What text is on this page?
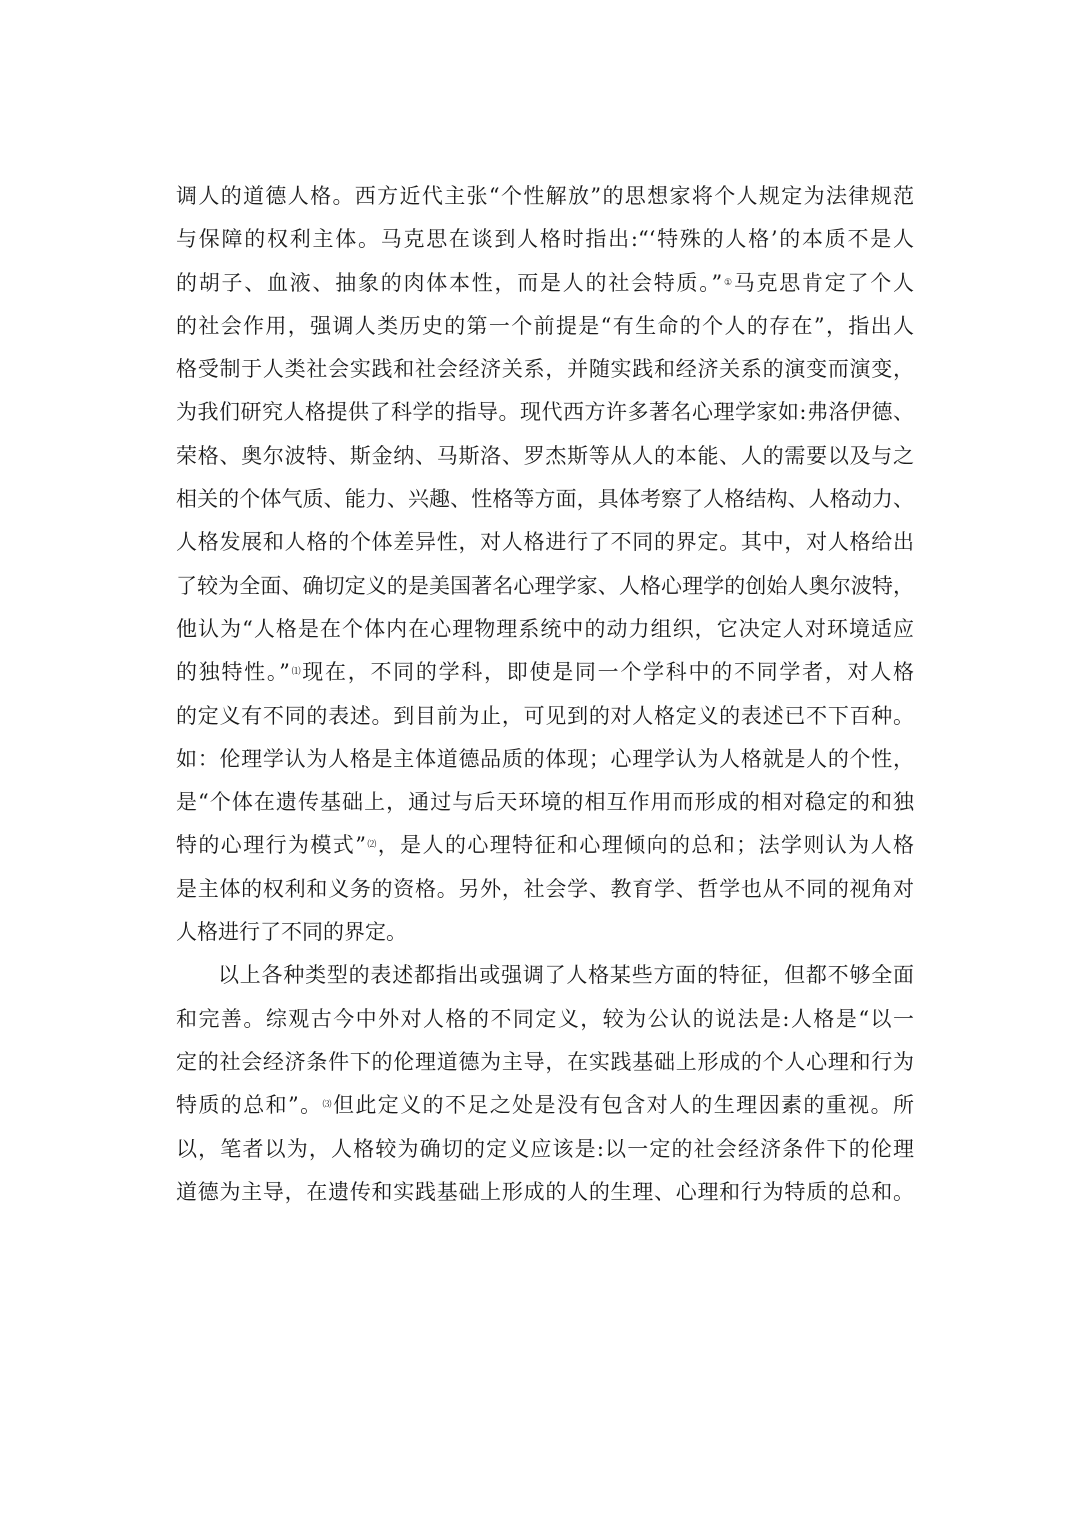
调人的道德人格。西方近代主张“个性解放”的思想家将个人规定为法律规范
与保障的权利主体。马克思在谈到人格时指出:“‘特殊的人格’的本质不是人
的胡子、血液、抽象的肉体本性，而是人的社会特质。”①马克思肯定了个人
的社会作用，强调人类历史的第一个前提是“有生命的个人的存在”，指出人
格受制于人类社会实践和社会经济关系，并随实践和经济关系的演变而演变，
为我们研究人格提供了科学的指导。现代西方许多著名心理学家如:弗洛伊德、
荣格、奥尔波特、斯金纳、马斯洛、罗杰斯等从人的本能、人的需要以及与之
相关的个体气质、能力、兴趣、性格等方面，具体考察了人格结构、人格动力、
人格发展和人格的个体差异性，对人格进行了不同的界定。其中，对人格给出
了较为全面、确切定义的是美国著名心理学家、人格心理学的创始人奥尔波特，
他认为“人格是在个体内在心理物理系统中的动力组织，它决定人对环境适应
的独特性。”⑴现在，不同的学科，即使是同一个学科中的不同学者，对人格
的定义有不同的表述。到目前为止，可见到的对人格定义的表述已不下百种。
如：伦理学认为人格是主体道德品质的体现；心理学认为人格就是人的个性，
是“个体在遗传基础上，通过与后天环境的相互作用而形成的相对稳定的和独
特的心理行为模式”⑵，是人的心理特征和心理倾向的总和；法学则认为人格
是主体的权利和义务的资格。另外，社会学、教育学、哲学也从不同的视角对
人格进行了不同的界定。
以上各种类型的表述都指出或强调了人格某些方面的特征，但都不够全面
和完善。综观古今中外对人格的不同定义，较为公认的说法是:人格是“以一
定的社会经济条件下的伦理道德为主导，在实践基础上形成的个人心理和行为
特质的总和”。⑶但此定义的不足之处是没有包含对人的生理因素的重视。所
以，笔者以为，人格较为确切的定义应该是:以一定的社会经济条件下的伦理
道德为主导，在遗传和实践基础上形成的人的生理、心理和行为特质的总和。
